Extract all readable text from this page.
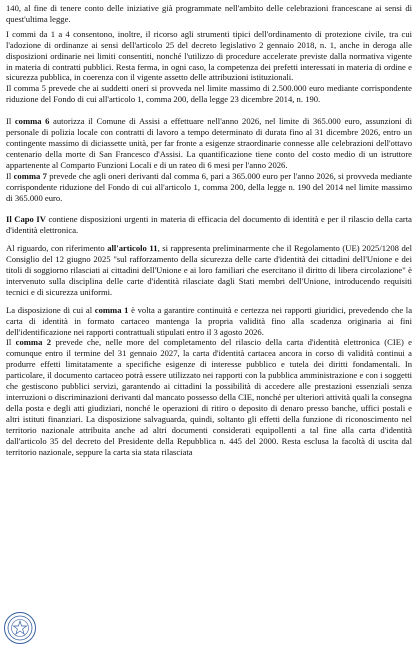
140, al fine di tenere conto delle iniziative già programmate nell'ambito delle celebrazioni francescane ai sensi di quest'ultima legge.

I commi da 1 a 4 consentono, inoltre, il ricorso agli strumenti tipici dell'ordinamento di protezione civile, tra cui l'adozione di ordinanze ai sensi dell'articolo 25 del decreto legislativo 2 gennaio 2018, n. 1, anche in deroga alle disposizioni ordinarie nei limiti consentiti, nonché l'utilizzo di procedure accelerate previste dalla normativa vigente in materia di contratti pubblici. Resta ferma, in ogni caso, la competenza dei prefetti interessati in materia di ordine e sicurezza pubblica, in coerenza con il vigente assetto delle attribuzioni istituzionali.

Il comma 5 prevede che ai suddetti oneri si provveda nel limite massimo di 2.500.000 euro mediante corrispondente riduzione del Fondo di cui all'articolo 1, comma 200, della legge 23 dicembre 2014, n. 190.

Il comma 6 autorizza il Comune di Assisi a effettuare nell'anno 2026, nel limite di 365.000 euro, assunzioni di personale di polizia locale con contratti di lavoro a tempo determinato di durata fino al 31 dicembre 2026, entro un contingente massimo di diciassette unità, per far fronte a esigenze straordinarie connesse alle celebrazioni dell'ottavo centenario della morte di San Francesco d'Assisi. La quantificazione tiene conto del costo medio di un istruttore appartenente al Comparto Funzioni Locali e di un rateo di 6 mesi per l'anno 2026.

Il comma 7 prevede che agli oneri derivanti dal comma 6, pari a 365.000 euro per l'anno 2026, si provveda mediante corrispondente riduzione del Fondo di cui all'articolo 1, comma 200, della legge n. 190 del 2014 nel limite massimo di 365.000 euro.

Il Capo IV contiene disposizioni urgenti in materia di efficacia del documento di identità e per il rilascio della carta d'identità elettronica.

Al riguardo, con riferimento all'articolo 11, si rappresenta preliminarmente che il Regolamento (UE) 2025/1208 del Consiglio del 12 giugno 2025 "sul rafforzamento della sicurezza delle carte d'identità dei cittadini dell'Unione e dei titoli di soggiorno rilasciati ai cittadini dell'Unione e ai loro familiari che esercitano il diritto di libera circolazione" è intervenuto sulla disciplina delle carte d'identità rilasciate dagli Stati membri dell'Unione, introducendo requisiti tecnici e di sicurezza uniformi.

La disposizione di cui al comma 1 è volta a garantire continuità e certezza nei rapporti giuridici, prevedendo che la carta di identità in formato cartaceo mantenga la propria validità fino alla scadenza originaria ai fini dell'identificazione nei rapporti contrattuali stipulati entro il 3 agosto 2026.

Il comma 2 prevede che, nelle more del completamento del rilascio della carta d'identità elettronica (CIE) e comunque entro il termine del 31 gennaio 2027, la carta d'identità cartacea ancora in corso di validità continui a produrre effetti limitatamente a specifiche esigenze di interesse pubblico e tutela dei diritti fondamentali. In particolare, il documento cartaceo potrà essere utilizzato nei rapporti con la pubblica amministrazione e con i soggetti che gestiscono pubblici servizi, garantendo ai cittadini la possibilità di accedere alle prestazioni essenziali senza interruzioni o discriminazioni derivanti dal mancato possesso della CIE, nonché per ulteriori attività quali la consegna della posta e degli atti giudiziari, nonché le operazioni di ritiro o deposito di denaro presso banche, uffici postali e altri istituti finanziari. La disposizione salvaguarda, quindi, soltanto gli effetti della funzione di riconoscimento nel territorio nazionale attribuita anche ad altri documenti considerati equipollenti a tal fine alla carta d'identità dall'articolo 35 del decreto del Presidente della Repubblica n. 445 del 2000. Resta esclusa la facoltà di uscita dal territorio nazionale, seppure la carta sia stata rilasciata
